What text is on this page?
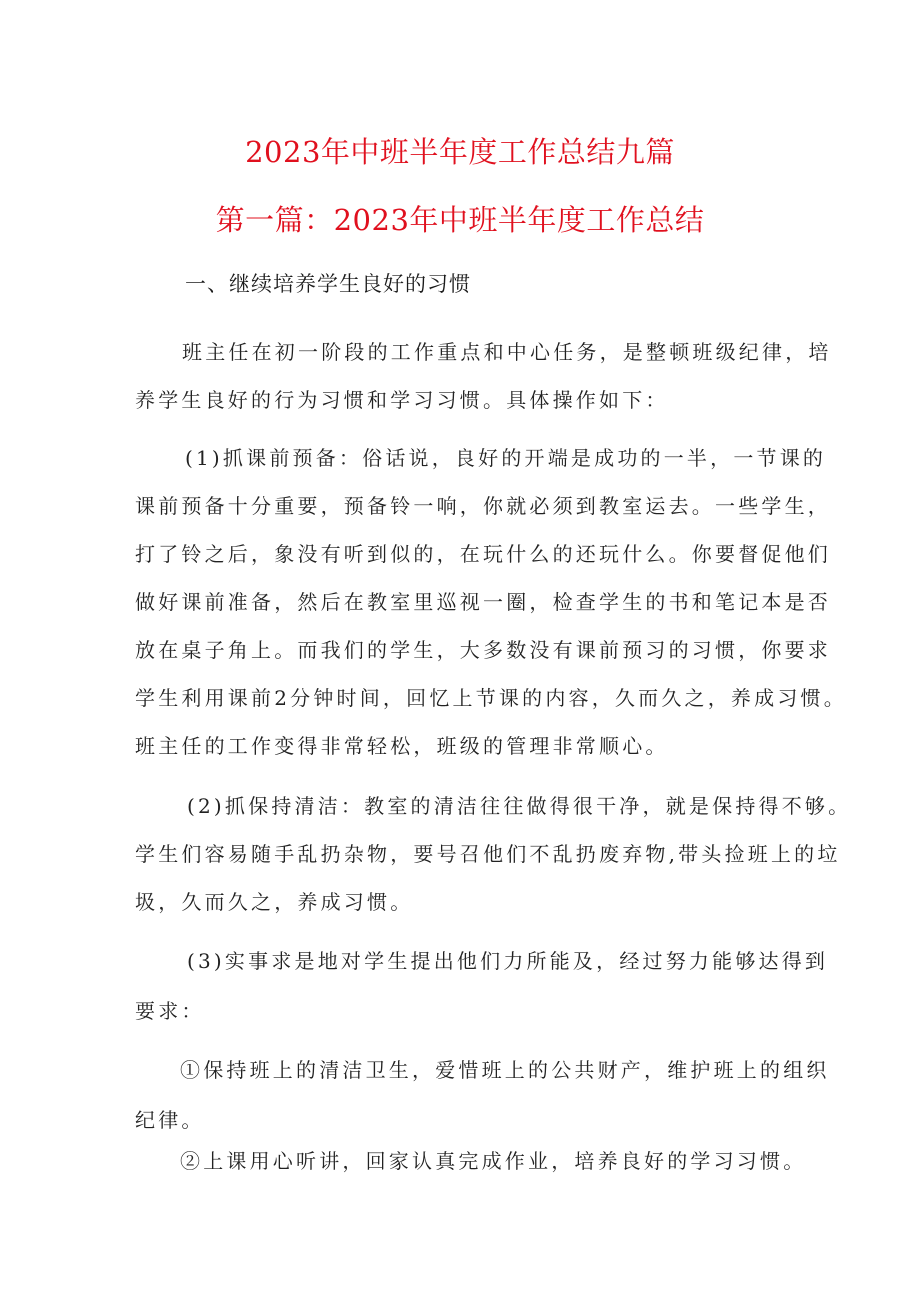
2023年中班半年度工作总结九篇
第一篇：2023年中班半年度工作总结
一、继续培养学生良好的习惯
班主任在初一阶段的工作重点和中心任务，是整顿班级纪律，培
养学生良好的行为习惯和学习习惯。具体操作如下：
(1)抓课前预备：俗话说，良好的开端是成功的一半，一节课的
课前预备十分重要，预备铃一响，你就必须到教室运去。一些学生，
打了铃之后，象没有听到似的，在玩什么的还玩什么。你要督促他们
做好课前准备，然后在教室里巡视一圈，检查学生的书和笔记本是否
放在桌子角上。而我们的学生，大多数没有课前预习的习惯，你要求
学生利用课前2分钟时间，回忆上节课的内容，久而久之，养成习惯。
班主任的工作变得非常轻松，班级的管理非常顺心。
(2)抓保持清洁：教室的清洁往往做得很干净，就是保持得不够。
学生们容易随手乱扔杂物，要号召他们不乱扔废弃物,带头捡班上的垃
圾，久而久之，养成习惯。
(3)实事求是地对学生提出他们力所能及，经过努力能够达得到
要求：
①保持班上的清洁卫生，爱惜班上的公共财产，维护班上的组织
纪律。
②上课用心听讲，回家认真完成作业，培养良好的学习习惯。
